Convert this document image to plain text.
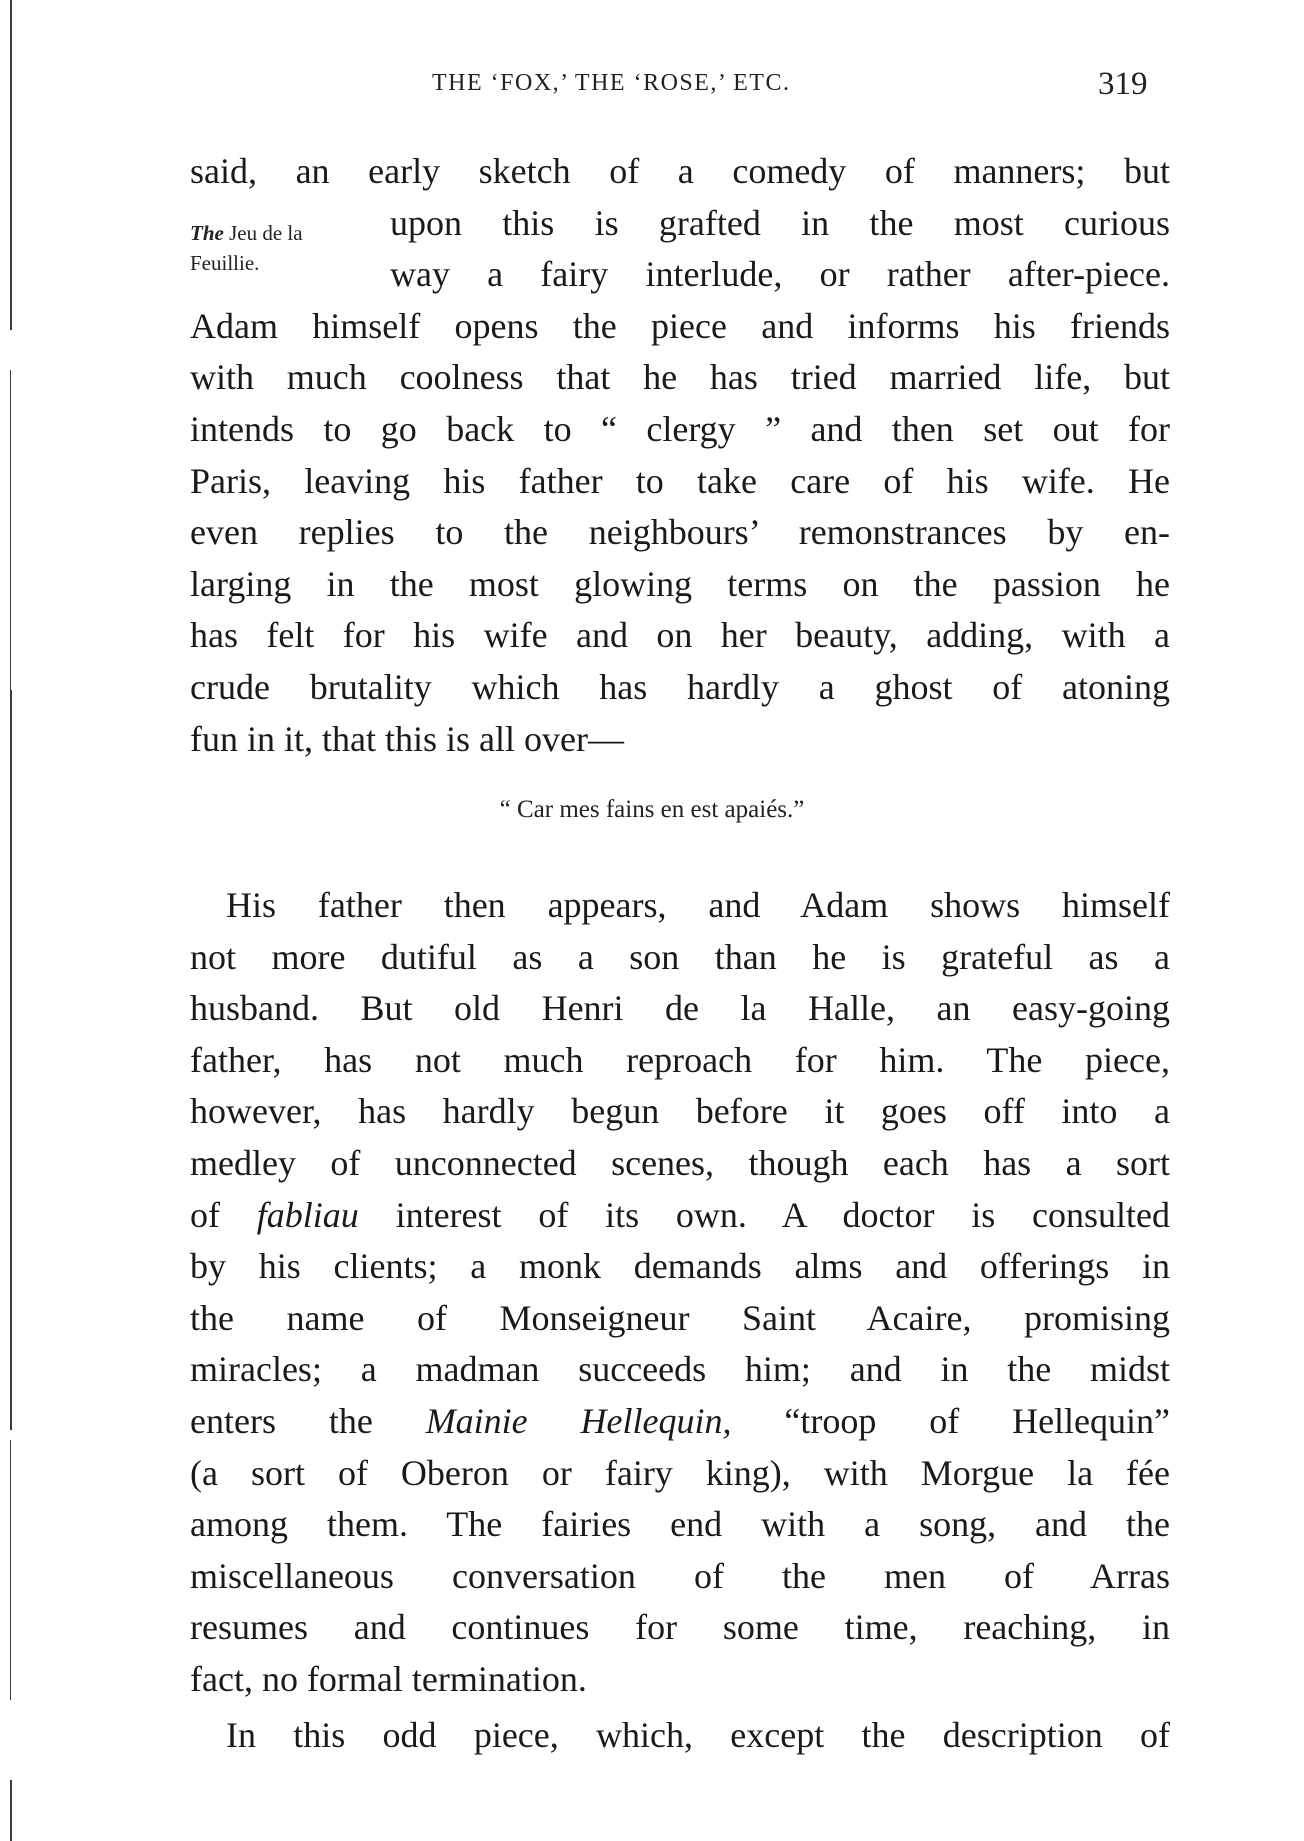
THE ‘FOX,’ THE ‘ROSE,’ ETC.	319
The Jeu de la
Feuillie.
said, an early sketch of a comedy of manners; but
upon this is grafted in the most curious
way a fairy interlude, or rather after-piece.
Adam himself opens the piece and informs his friends
with much coolness that he has tried married life, but
intends to go back to “ clergy ” and then set out for
Paris, leaving his father to take care of his wife. He
even replies to the neighbours’ remonstrances by en-
larging in the most glowing terms on the passion he
has felt for his wife and on her beauty, adding, with a
crude brutality which has hardly a ghost of atoning
fun in it, that this is all over—
“ Car mes fains en est apaiés.”
His father then appears, and Adam shows himself
not more dutiful as a son than he is grateful as a
husband. But old Henri de la Halle, an easy-going
father, has not much reproach for him. The piece,
however, has hardly begun before it goes off into a
medley of unconnected scenes, though each has a sort
of fabliau interest of its own. A doctor is consulted
by his clients; a monk demands alms and offerings in
the name of Monseigneur Saint Acaire, promising
miracles; a madman succeeds him; and in the midst
enters the Mainie Hellequin, “troop of Hellequin”
(a sort of Oberon or fairy king), with Morgue la fée
among them. The fairies end with a song, and the
miscellaneous conversation of the men of Arras
resumes and continues for some time, reaching, in
fact, no formal termination.
In this odd piece, which, except the description of
